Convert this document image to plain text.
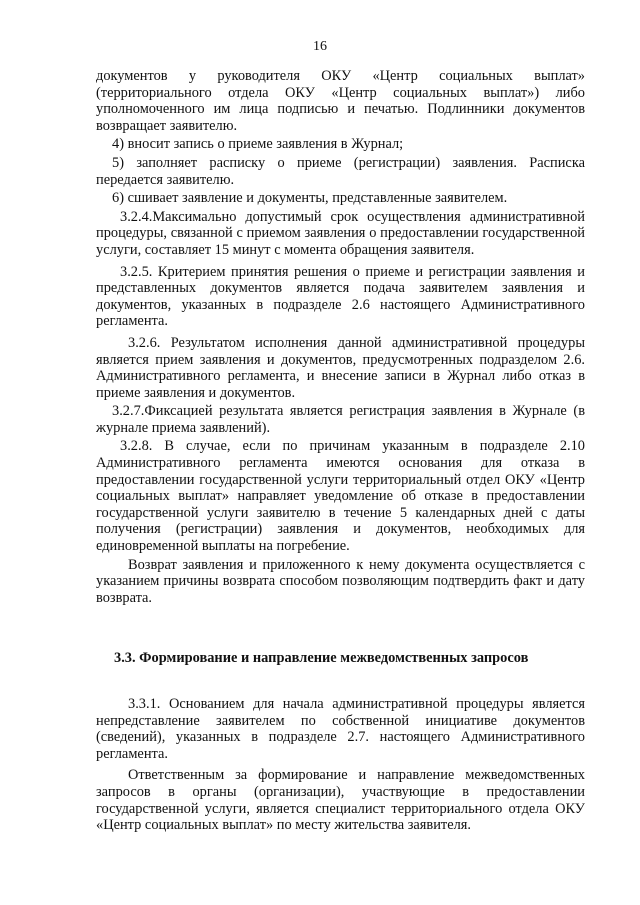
16

документов у руководителя ОКУ «Центр социальных выплат» (территориального отдела ОКУ «Центр социальных выплат») либо уполномоченного им лица подписью и печатью. Подлинники документов возвращает заявителю.

4) вносит запись о приеме заявления в Журнал;

5) заполняет расписку о приеме (регистрации) заявления. Расписка передается заявителю.

6) сшивает заявление и документы, представленные заявителем.

3.2.4.Максимально допустимый срок осуществления административной процедуры, связанной с приемом заявления о предоставлении государственной услуги, составляет 15 минут с момента обращения заявителя.

3.2.5. Критерием принятия решения о приеме и регистрации заявления и представленных документов является подача заявителем заявления и документов, указанных в подразделе 2.6 настоящего Административного регламента.

3.2.6. Результатом исполнения данной административной процедуры является прием заявления и документов, предусмотренных подразделом 2.6. Административного регламента, и внесение записи в Журнал либо отказ в приеме заявления и документов.

3.2.7.Фиксацией результата является регистрация заявления в Журнале (в журнале приема заявлений).

3.2.8. В случае, если по причинам указанным в подразделе 2.10 Административного регламента имеются основания для отказа в предоставлении государственной услуги территориальный отдел ОКУ «Центр социальных выплат» направляет уведомление об отказе в предоставлении государственной услуги заявителю в течение 5 календарных дней с даты получения (регистрации) заявления и документов, необходимых для единовременной выплаты на погребение.

Возврат заявления и приложенного к нему документа осуществляется с указанием причины возврата способом позволяющим подтвердить факт и дату возврата.

3.3. Формирование и направление межведомственных запросов

3.3.1. Основанием для начала административной процедуры является непредставление заявителем по собственной инициативе документов (сведений), указанных в подразделе 2.7. настоящего Административного регламента.

Ответственным за формирование и направление межведомственных запросов в органы (организации), участвующие в предоставлении государственной услуги, является специалист территориального отдела ОКУ «Центр социальных выплат» по месту жительства заявителя.
